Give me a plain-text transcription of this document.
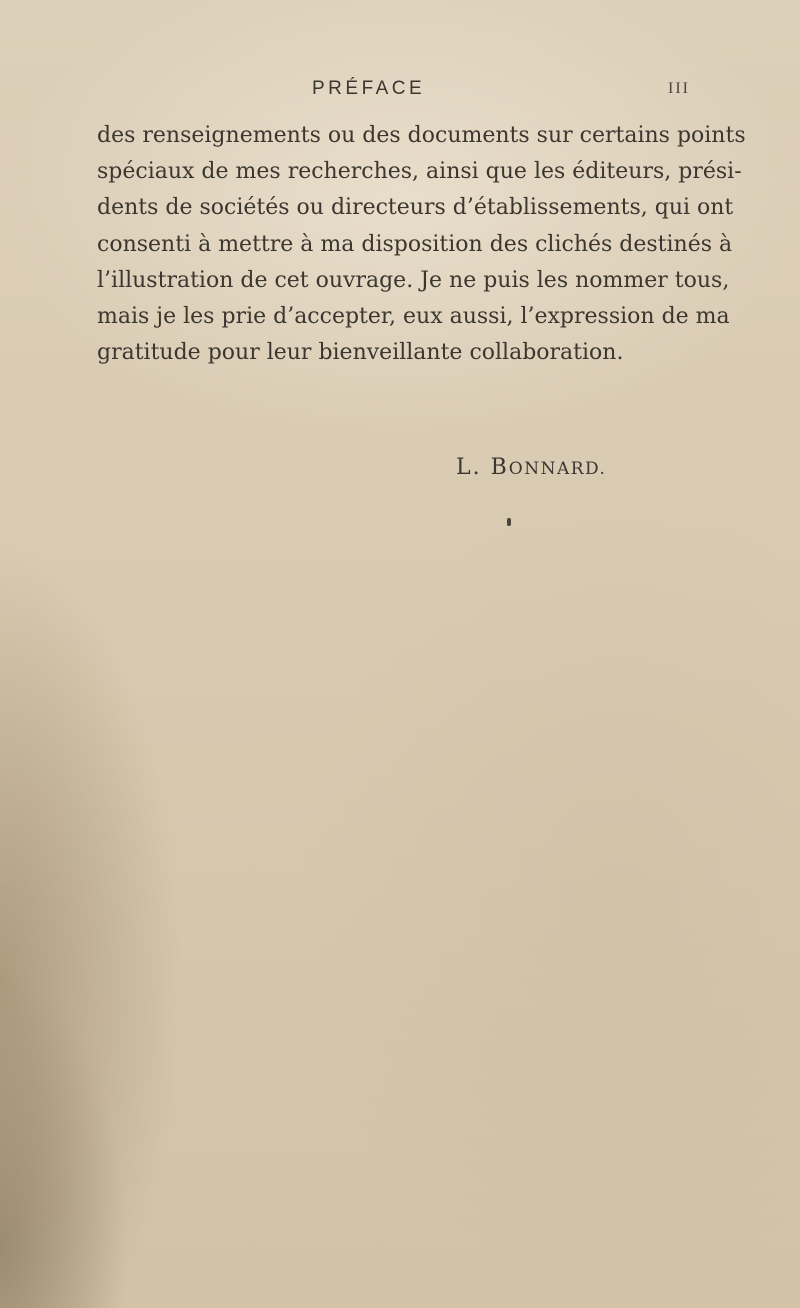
PRÉFACE	III
des renseignements ou des documents sur certains points
spéciaux de mes recherches, ainsi que les éditeurs, prési-
dents de sociétés ou directeurs d’établissements, qui ont
consenti à mettre à ma disposition des clichés destinés à
l’illustration de cet ouvrage. Je ne puis les nommer tous,
mais je les prie d’accepter, eux aussi, l’expression de ma
gratitude pour leur bienveillante collaboration.
L. BONNARD.
